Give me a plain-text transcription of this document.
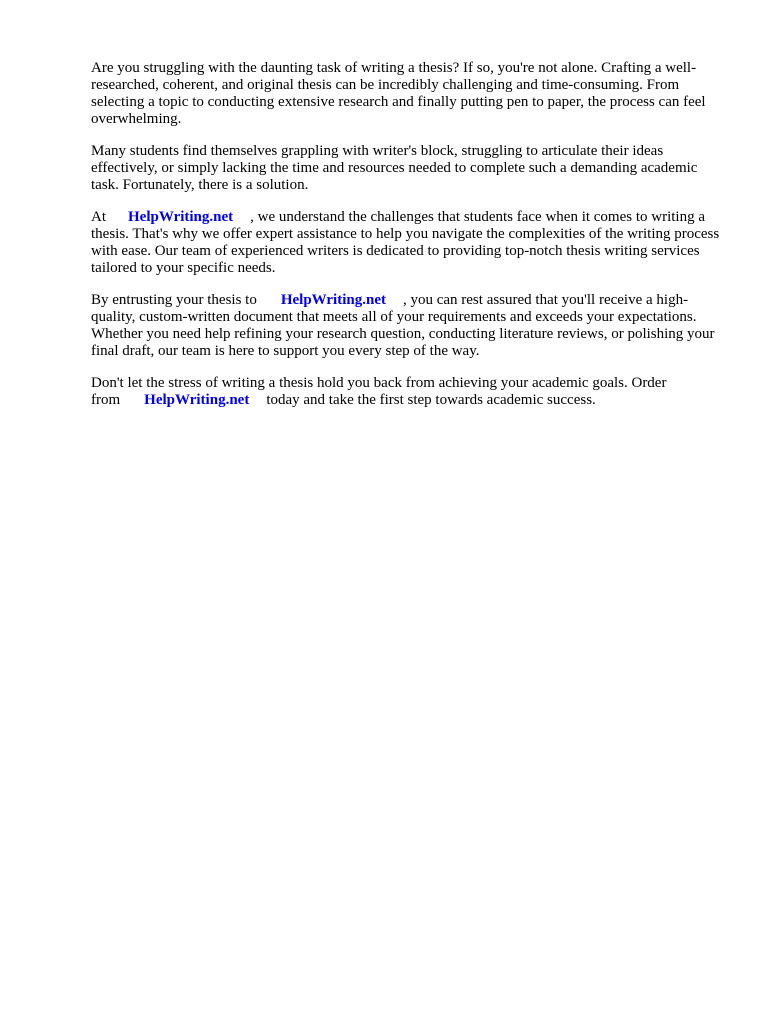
Are you struggling with the daunting task of writing a thesis? If so, you're not alone. Crafting a well-researched, coherent, and original thesis can be incredibly challenging and time-consuming. From selecting a topic to conducting extensive research and finally putting pen to paper, the process can feel overwhelming.

Many students find themselves grappling with writer's block, struggling to articulate their ideas effectively, or simply lacking the time and resources needed to complete such a demanding academic task. Fortunately, there is a solution.

At HelpWriting.net , we understand the challenges that students face when it comes to writing a thesis. That's why we offer expert assistance to help you navigate the complexities of the writing process with ease. Our team of experienced writers is dedicated to providing top-notch thesis writing services tailored to your specific needs.

By entrusting your thesis to HelpWriting.net , you can rest assured that you'll receive a high-quality, custom-written document that meets all of your requirements and exceeds your expectations. Whether you need help refining your research question, conducting literature reviews, or polishing your final draft, our team is here to support you every step of the way.

Don't let the stress of writing a thesis hold you back from achieving your academic goals. Order from HelpWriting.net today and take the first step towards academic success.
